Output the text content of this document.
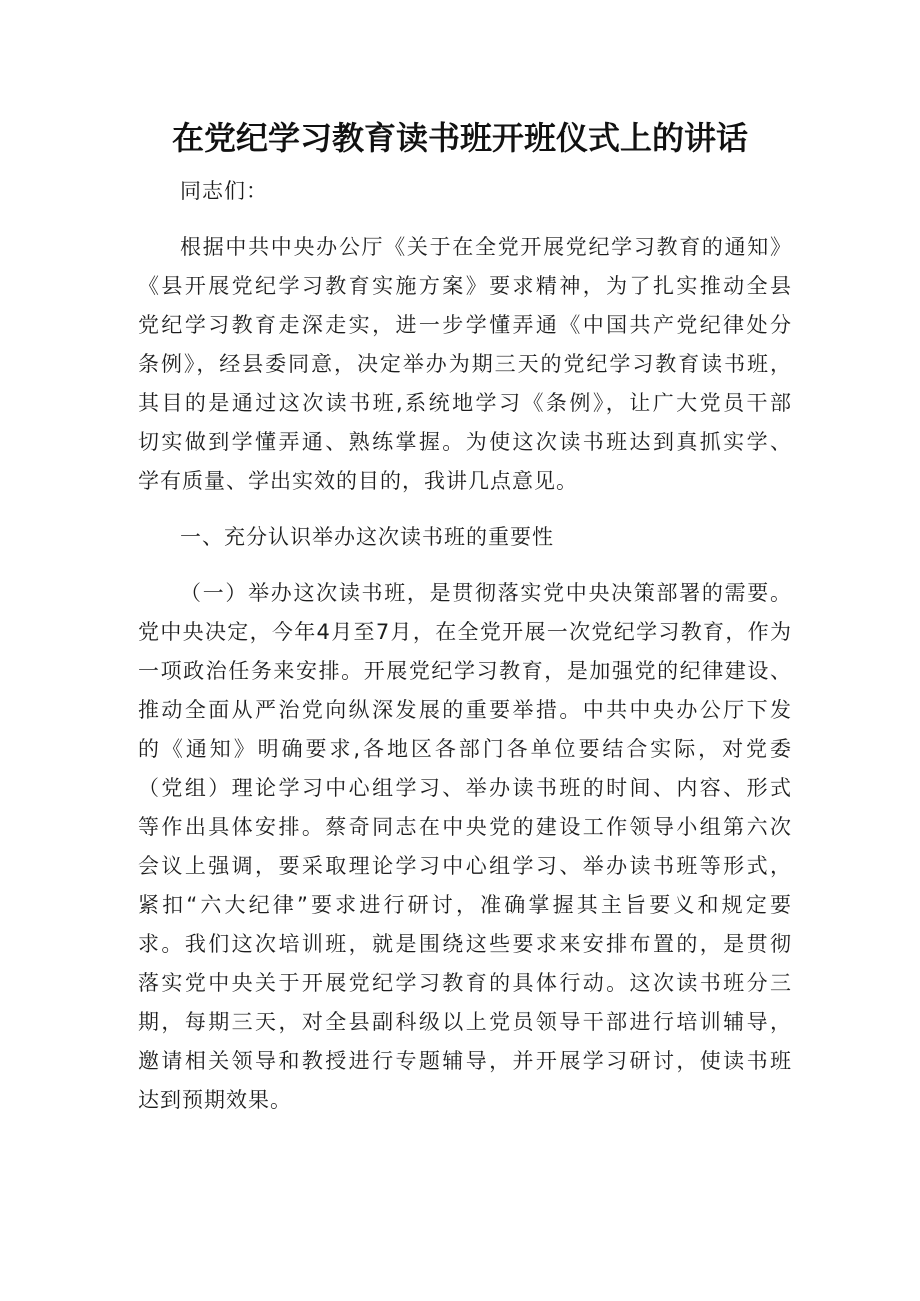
在党纪学习教育读书班开班仪式上的讲话
同志们：
根据中共中央办公厅《关于在全党开展党纪学习教育的通知》
《县开展党纪学习教育实施方案》要求精神，为了扎实推动全县
党纪学习教育走深走实，进一步学懂弄通《中国共产党纪律处分
条例》，经县委同意，决定举办为期三天的党纪学习教育读书班，
其目的是通过这次读书班,系统地学习《条例》，让广大党员干部
切实做到学懂弄通、熟练掌握。为使这次读书班达到真抓实学、
学有质量、学出实效的目的，我讲几点意见。
一、充分认识举办这次读书班的重要性
（一）举办这次读书班，是贯彻落实党中央决策部署的需要。
党中央决定，今年4月至7月，在全党开展一次党纪学习教育，作为
一项政治任务来安排。开展党纪学习教育，是加强党的纪律建设、
推动全面从严治党向纵深发展的重要举措。中共中央办公厅下发
的《通知》明确要求,各地区各部门各单位要结合实际，对党委
（党组）理论学习中心组学习、举办读书班的时间、内容、形式
等作出具体安排。蔡奇同志在中央党的建设工作领导小组第六次
会议上强调，要采取理论学习中心组学习、举办读书班等形式，
紧扣“六大纪律”要求进行研讨，准确掌握其主旨要义和规定要
求。我们这次培训班，就是围绕这些要求来安排布置的，是贯彻
落实党中央关于开展党纪学习教育的具体行动。这次读书班分三
期，每期三天，对全县副科级以上党员领导干部进行培训辅导，
邀请相关领导和教授进行专题辅导，并开展学习研讨，使读书班
达到预期效果。
